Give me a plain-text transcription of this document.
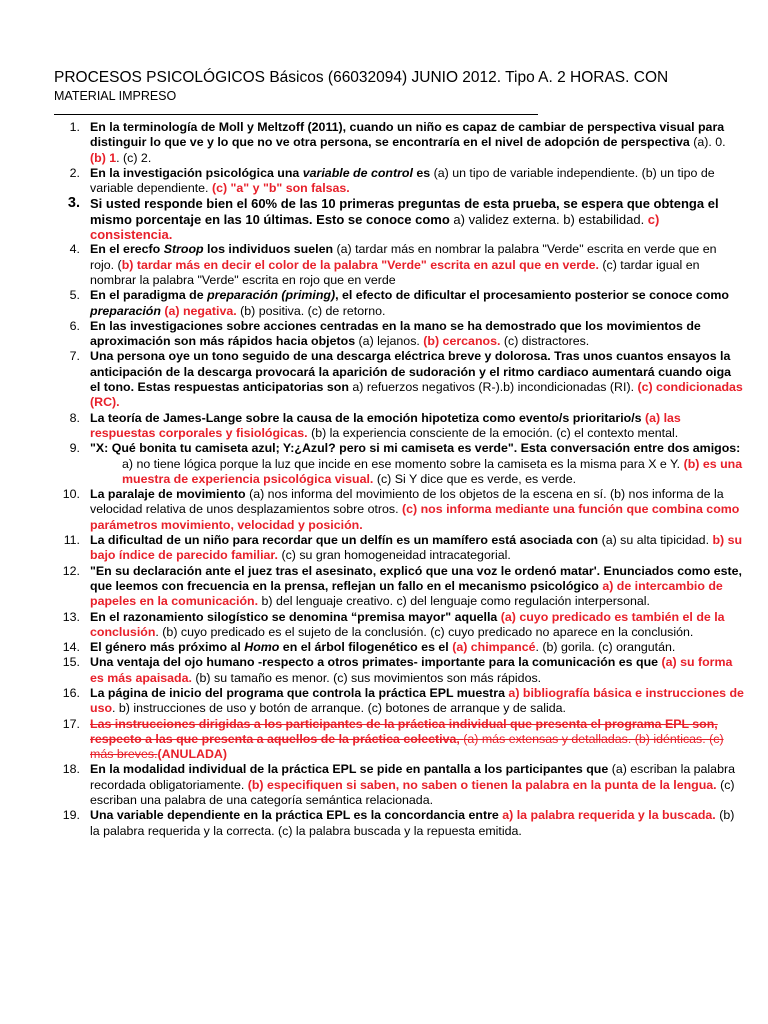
PROCESOS PSICOLÓGICOS Básicos (66032094) JUNIO 2012. Tipo A. 2 HORAS. CON
MATERIAL IMPRESO
1. En la terminología de Moll y Meltzoff (2011), cuando un niño es capaz de cambiar de perspectiva visual para distinguir lo que ve y lo que no ve otra persona, se encontraría en el nivel de adopción de perspectiva (a). 0. (b) 1. (c) 2.
2. En la investigación psicológica una variable de control es (a) un tipo de variable independiente. (b) un tipo de variable dependiente. (c) "a" y "b" son falsas.
3. Si usted responde bien el 60% de las 10 primeras preguntas de esta prueba, se espera que obtenga el mismo porcentaje en las 10 últimas. Esto se conoce como a) validez externa. b) estabilidad. c) consistencia.
4. En el erecfo Stroop los individuos suelen (a) tardar más en nombrar la palabra "Verde" escrita en verde que en rojo. (b) tardar más en decir el color de la palabra "Verde" escrita en azul que en verde. (c) tardar igual en nombrar la palabra "Verde" escrita en rojo que en verde
5. En el paradigma de preparación (priming), el efecto de dificultar el procesamiento posterior se conoce como preparación (a) negativa. (b) positiva. (c) de retorno.
6. En las investigaciones sobre acciones centradas en la mano se ha demostrado que los movimientos de aproximación son más rápidos hacia objetos (a) lejanos. (b) cercanos. (c) distractores.
7. Una persona oye un tono seguido de una descarga eléctrica breve y dolorosa. Tras unos cuantos ensayos la anticipación de la descarga provocará la aparición de sudoración y el ritmo cardiaco aumentará cuando oiga el tono. Estas respuestas anticipatorias son a) refuerzos negativos (R-).b) incondicionadas (RI). (c) condicionadas (RC).
8. La teoría de James-Lange sobre la causa de la emoción hipotetiza como evento/s prioritario/s (a) las respuestas corporales y fisiológicas. (b) la experiencia consciente de la emoción. (c) el contexto mental.
9. "X: Qué bonita tu camiseta azul; Y:¿Azul? pero si mi camiseta es verde". Esta conversación entre dos amigos:
a) no tiene lógica porque la luz que incide en ese momento sobre la camiseta es la misma para X e Y. (b) es una muestra de experiencia psicológica visual. (c) Si Y dice que es verde, es verde.
10. La paralaje de movimiento (a) nos informa del movimiento de los objetos de la escena en sí. (b) nos informa de la velocidad relativa de unos desplazamientos sobre otros. (c) nos informa mediante una función que combina como parámetros movimiento, velocidad y posición.
11. La dificultad de un niño para recordar que un delfín es un mamífero está asociada con (a) su alta tipicidad. b) su bajo índice de parecido familiar. (c) su gran homogeneidad intracategorial.
12. "En su declaración ante el juez tras el asesinato, explicó que una voz le ordenó matar'. Enunciados como este, que leemos con frecuencia en la prensa, reflejan un fallo en el mecanismo psicológico a) de intercambio de papeles en la comunicación. b) del lenguaje creativo. c) del lenguaje como regulación interpersonal.
13. En el razonamiento silogístico se denomina “premisa mayor" aquella (a) cuyo predicado es también el de la conclusión. (b) cuyo predicado es el sujeto de la conclusión. (c) cuyo predicado no aparece en la conclusión.
14. El género más próximo al Homo en el árbol filogenético es el (a) chimpancé. (b) gorila. (c) orangután.
15. Una ventaja del ojo humano -respecto a otros primates- importante para la comunicación es que (a) su forma es más apaisada. (b) su tamaño es menor. (c) sus movimientos son más rápidos.
16. La página de inicio del programa que controla la práctica EPL muestra a) bibliografía básica e instrucciones de uso. b) instrucciones de uso y botón de arranque. (c) botones de arranque y de salida.
17. Las instrucciones dirigidas a los participantes de la práctica individual que presenta el programa EPL son, respecto a las que presenta a aquellos de la práctica colectiva, (a) más extensas y detalladas. (b) idénticas. (c) más breves.(ANULADA)
18. En la modalidad individual de la práctica EPL se pide en pantalla a los participantes que (a) escriban la palabra recordada obligatoriamente. (b) especifiquen si saben, no saben o tienen la palabra en la punta de la lengua. (c) escriban una palabra de una categoría semántica relacionada.
19. Una variable dependiente en la práctica EPL es la concordancia entre a) la palabra requerida y la buscada. (b) la palabra requerida y la correcta. (c) la palabra buscada y la repuesta emitida.
